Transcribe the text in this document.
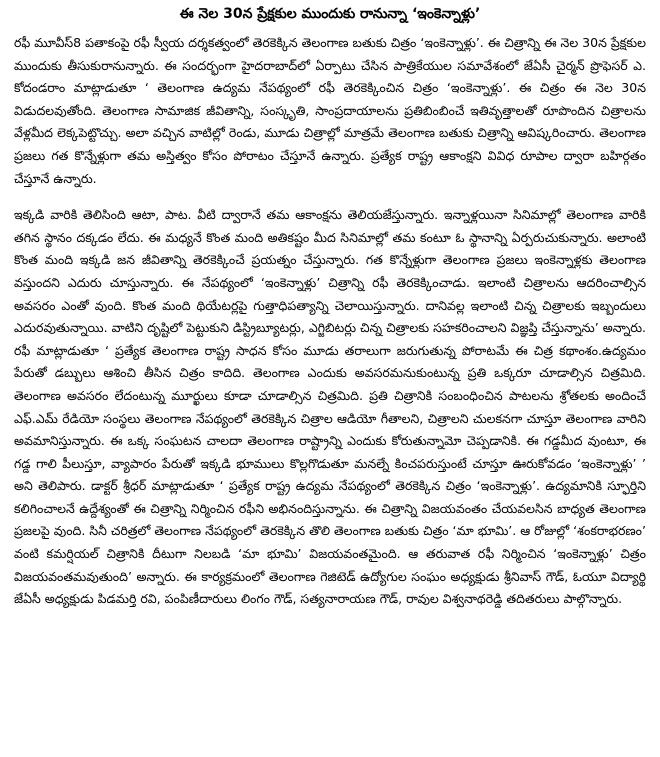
ఈ నెల 30న ప్రేక్షకుల ముందుకు రానున్నా ‘ఇంకెన్నాళ్లు’

రఫీ మూవీస్8 పతాకంపై రఫీ స్వీయ దర్శకత్వంలో తెరకెక్కిన తెలంగాణ బతుకు చిత్రం ‘ఇంకెన్నాళ్లు’. ఈ చిత్రాన్ని ఈ నెల 30న ప్రేక్షకుల ముందుకు తీసుకురానున్నారు. ఈ సందర్భంగా హైదరాబాద్‌లో ఏర్పాటు చేసిన పాత్రికేయుల సమావేశంలో జేఏసీ చైర్మన్ ప్రొఫెసర్ ఎ. కోదండరాం మాట్లాడుతూ ‘ తెలంగాణ ఉద్యమ నేపథ్యంలో రఫీ తెరకెక్కించిన చిత్రం ‘ఇంకెన్నాళ్లు’. ఈ చిత్రం ఈ నెల 30న విడుదలవుతోంది. తెలంగాణ సామాజిక జీవితాన్ని, సంస్కృతి, సాంప్రదాయాలను ప్రతిబింబించే ఇతివృత్తాలతో రూపొందిన చిత్రాలను వేళ్లమీద లెక్కపెట్టొచ్చు. అలా వచ్చిన వాటిల్లో రెండు, మూడు చిత్రాల్లో మాత్రమే తెలంగాణ బతుకు చిత్రాన్ని ఆవిష్కరించారు. తెలంగాణ ప్రజలు గత కొన్నేళ్లుగా తమ అస్తిత్వం కోసం పోరాటం చేస్తూనే ఉన్నారు. ప్రత్యేక రాష్ట్ర ఆకాంక్షని వివిధ రూపాల ద్వారా బహిర్గతం చేస్తూనే ఉన్నారు.

ఇక్కడి వారికి తెలిసింది ఆటా, పాట. వీటి ద్వారానే తమ ఆకాంక్షను తెలియజేస్తున్నారు. ఇన్నాళ్లయినా సినిమాల్లో తెలంగాణ వారికి తగిన స్థానం దక్కడం లేదు. ఈ మధ్యనే కొంత మంది అతికష్టం మీద సినిమాల్లో తమ కంటూ ఓ స్థానాన్ని ఏర్పరుచుకున్నారు. అలాంటి కొంత మంది ఇక్కడి జన జీవితాన్ని తెరకెక్కించే ప్రయత్నం చేస్తున్నారు. గత కొన్నేళ్లుగా తెలంగాణ ప్రజలు ఇంకెన్నాళ్లకు తెలంగాణ వస్తుందని ఎదురు చూస్తున్నారు. ఈ నేపథ్యంలో ‘ఇంకెన్నాళ్లు’ చిత్రాన్ని రఫీ తెరకెక్కించాడు. ఇలాంటి చిత్రాలను ఆదరించాల్సిన అవసరం ఎంతో వుంది. కొంత మంది థియేటర్లపై గుత్తాధిపత్యాన్ని చెలాయిస్తున్నారు. దానివల్ల ఇలాంటి చిన్న చిత్రాలకు ఇబ్బందులు ఎదురవుతున్నాయి. వాటిని దృష్టిలో పెట్టుకుని డిస్ట్రిబ్యూటర్లు, ఎగ్జిబిటర్లు చిన్న చిత్రాలకు సహకరించాలని విజ్ఞప్తి చేస్తున్నాను’ అన్నారు. రఫీ మాట్లాడుతూ ‘ ప్రత్యేక తెలంగాణ రాష్ట్ర సాధన కోసం మూడు తరాలుగా జరుగుతున్న పోరాటమే ఈ చిత్ర కథాంశం.ఉద్యమం పేరుతో డబ్బులు ఆశించి తీసిన చిత్రం కాదిది. తెలంగాణ ఎందుకు అవసరమనుకుంటున్న ప్రతి ఒక్కరూ చూడాల్సిన చిత్రమిది. తెలంగాణ అవసరం లేదంటున్న మూర్ఖులు కూడా చూడాల్సిన చిత్రమిది. ప్రతి చిత్రానికి సంబంధించిన పాటలను శ్రోతలకు అందించే ఎఫ్.ఎమ్ రేడియో సంస్థలు తెలంగాణ నేపథ్యంలో తెరకెక్కిన చిత్రాల ఆడియో గీతాలని, చిత్రాలని చులకనగా చూస్తూ తెలంగాణ వారిని అవమానిస్తున్నారు. ఈ ఒక్క సంఘటన చాలదా తెలంగాణ రాష్ట్రాన్ని ఎందుకు కోరుతున్నామో చెప్పడానికి. ఈ గడ్డమీద వుంటూ, ఈ గడ్డ గాలి పీలుస్తూ, వ్యాపారం పేరుతో ఇక్కడి భూములు కొల్లగొడుతూ మనల్నే కించపరుస్తుంటే చూస్తూ ఊరుకోవడం ‘ఇంకెన్నాళ్లు’ ’ అని తెలిపారు. డాక్టర్ శ్రీధర్ మాట్లాడుతూ ‘ ప్రత్యేక రాష్ట్ర ఉద్యమ నేపథ్యంలో తెరకెక్కిన చిత్రం ‘ఇంకెన్నాళ్లు’. ఉద్యమానికి స్ఫూర్తిని కలిగించాలనే ఉద్దేశ్యంతో ఈ చిత్రాన్ని నిర్మించిన రఫీని అభినందిస్తున్నాను. ఈ చిత్రాన్ని విజయవంతం చేయవలసిన బాధ్యత తెలంగాణ ప్రజలపై వుంది. సినీ చరిత్రలో తెలంగాణ నేపథ్యంలో తెరకెక్కిన తొలి తెలంగాణ బతుకు చిత్రం ‘మా భూమి’. ఆ రోజుల్లో ‘శంకరాభరణం’ వంటి కమర్షియల్ చిత్రానికి దీటుగా నిలబడి ‘మా భూమి’ విజయవంతమైంది. ఆ తరువాత రఫీ నిర్మించిన ‘ఇంకెన్నాళ్లు’ చిత్రం విజయవంతమవుతుంది’ అన్నారు. ఈ కార్యక్రమంలో తెలంగాణ గెజిటెడ్ ఉద్యోగుల సంఘం అధ్యక్షుడు శ్రీనివాస్‌ గౌడ్, ఓయూ విద్యార్థి జేఏసీ అధ్యక్షుడు పిడమర్తి రవి, పంపిణీదారులు లింగం గౌడ్, సత్యనారాయణ గౌడ్, రావుల విశ్వనాథరెడ్డి తదితరులు పాల్గొన్నారు.
